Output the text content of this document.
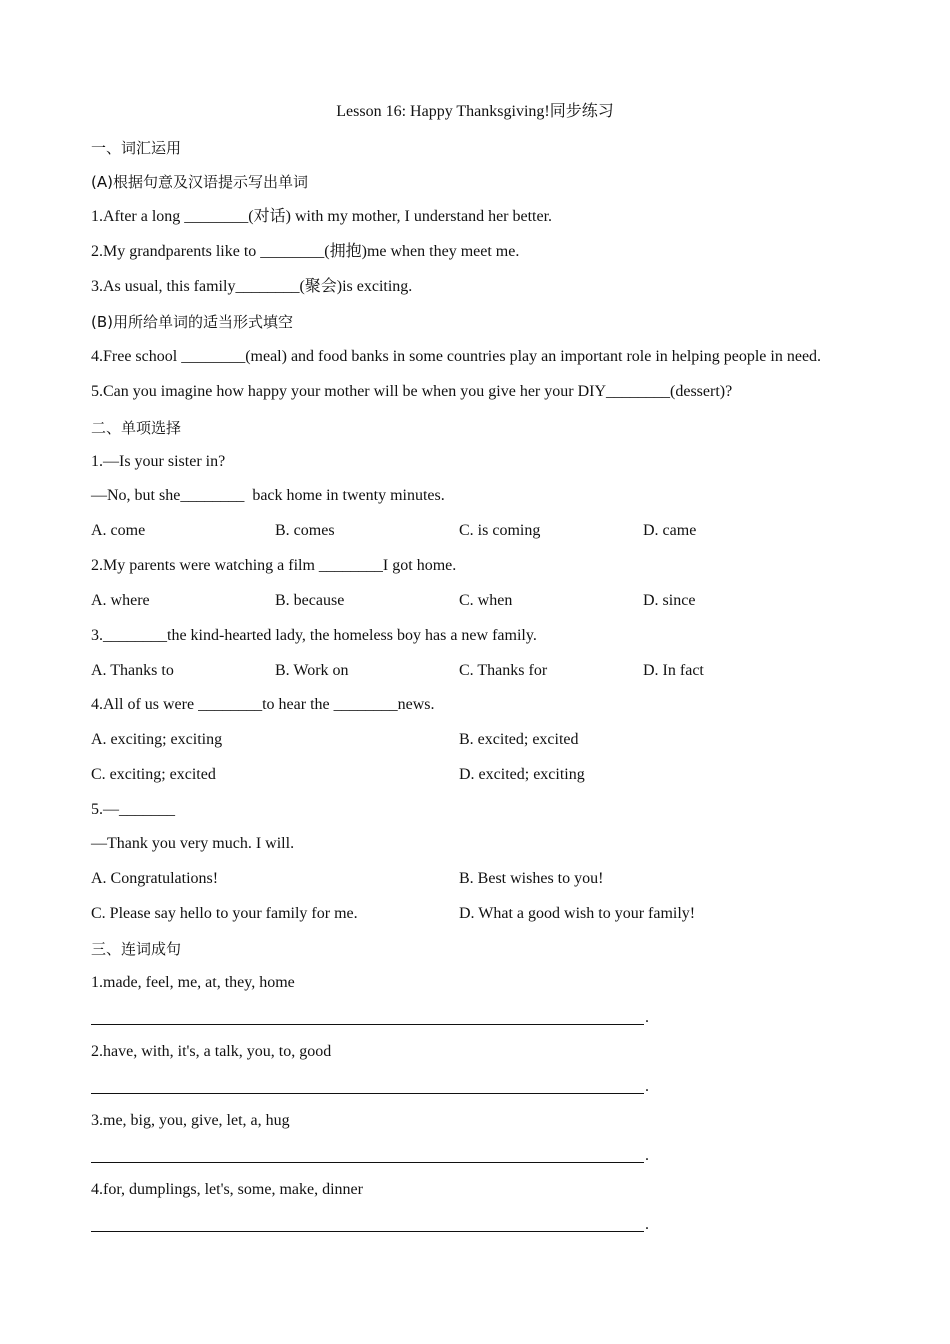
Lesson 16: Happy Thanksgiving!同步练习
一、词汇运用
(A)根据句意及汉语提示写出单词
1.After a long ________(对话) with my mother, I understand her better.
2.My grandparents like to ________(拥抱)me when they meet me.
3.As usual, this family________(聚会)is exciting.
(B)用所给单词的适当形式填空
4.Free school ________(meal) and food banks in some countries play an important role in helping people in need.
5.Can you imagine how happy your mother will be when you give her your DIY________(dessert)?
二、单项选择
1.—Is your sister in?
—No, but she________  back home in twenty minutes.
A. come	B. comes	C. is coming	D. came
2.My parents were watching a film ________I got home.
A. where	B. because	C. when	D. since
3.________the kind-hearted lady, the homeless boy has a new family.
A. Thanks to	B. Work on	C. Thanks for	D. In fact
4.All of us were ________to hear the ________news.
A. exciting; exciting	B. excited; excited
C. exciting; excited	D. excited; exciting
5.—_______
—Thank you very much. I will.
A. Congratulations!	B. Best wishes to you!
C. Please say hello to your family for me.	D. What a good wish to your family!
三、连词成句
1.made, feel, me, at, they, home
.
2.have, with, it's, a talk, you, to, good
.
3.me, big, you, give, let, a, hug
.
4.for, dumplings, let's, some, make, dinner
.
